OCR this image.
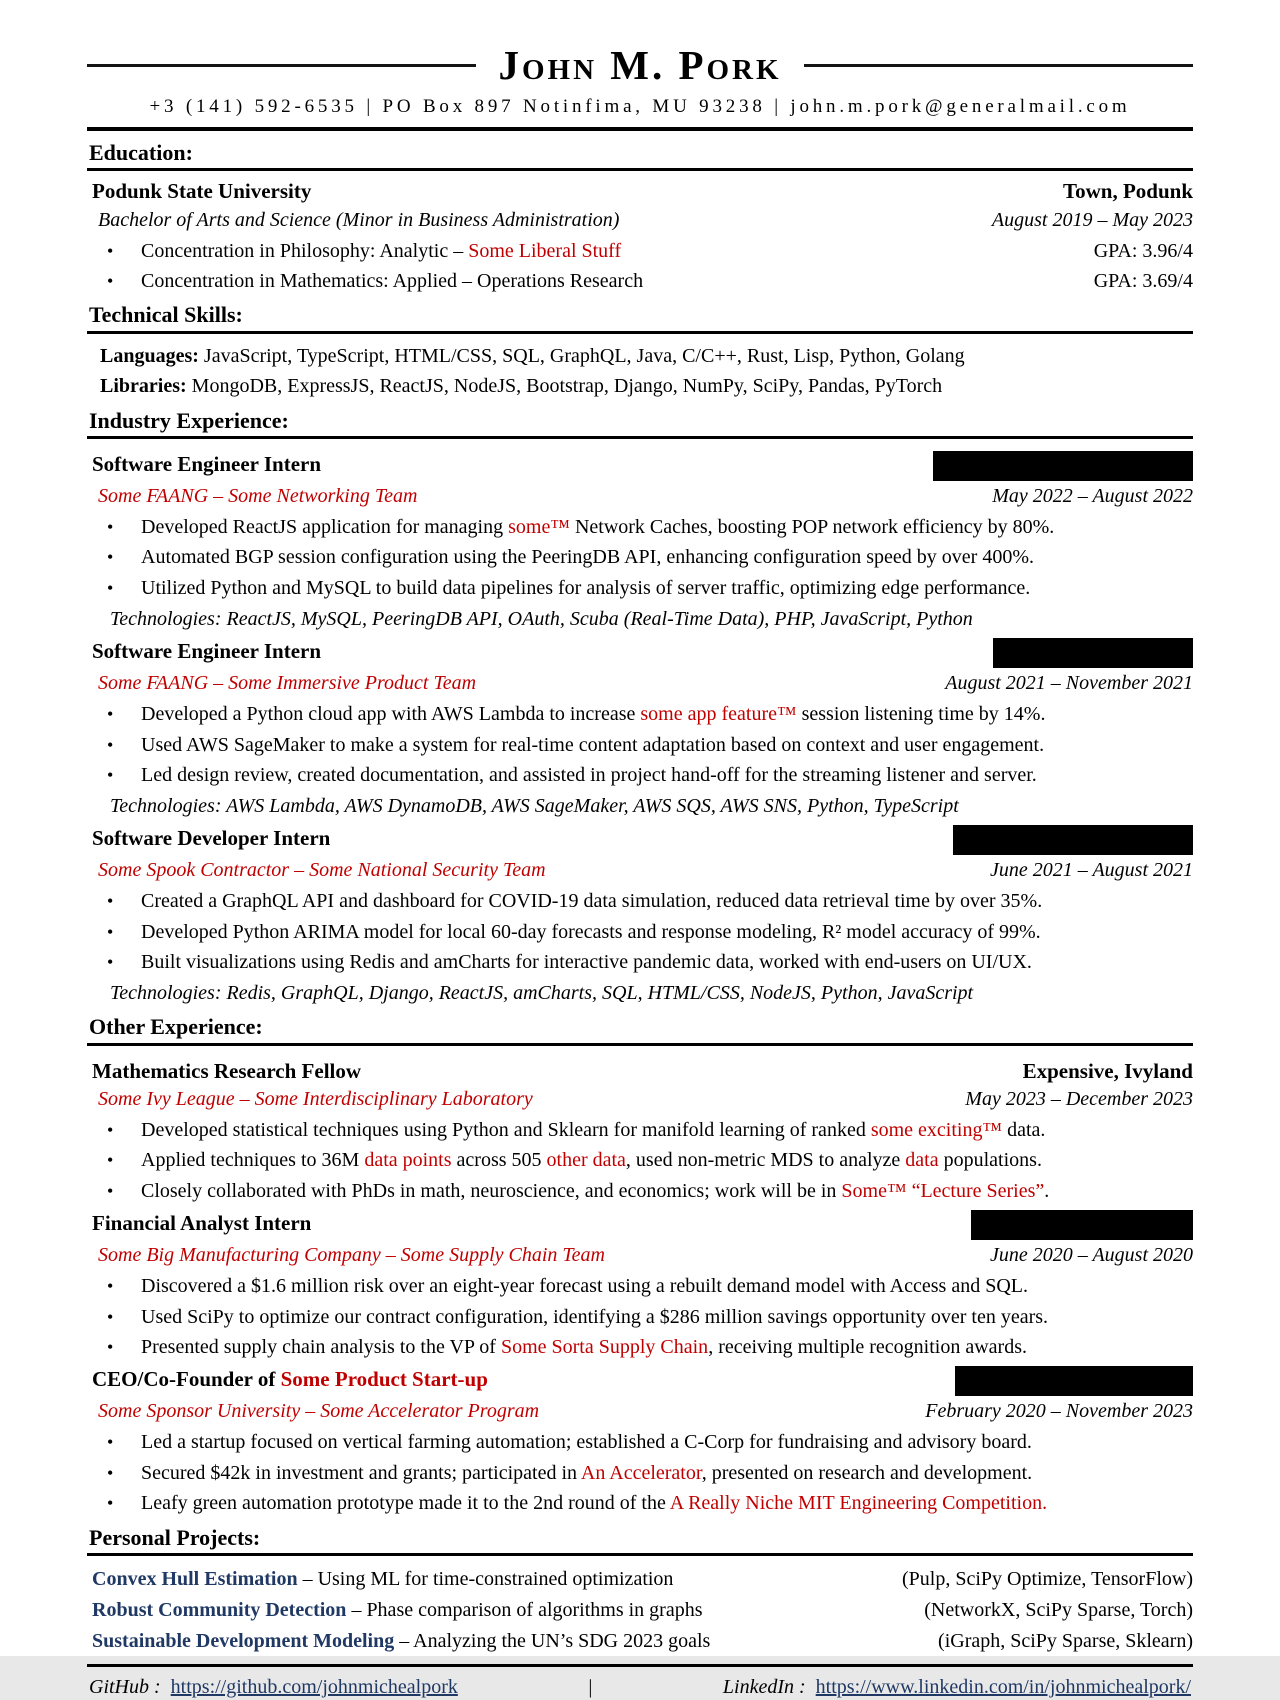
John M. Pork
+3 (141) 592-6535 | PO Box 897 Notinfima, MU 93238 | john.m.pork@generalmail.com
Education:
Podunk State University	Town, Podunk
Bachelor of Arts and Science (Minor in Business Administration)	August 2019 – May 2023
•	Concentration in Philosophy: Analytic – Some Liberal Stuff	GPA: 3.96/4
•	Concentration in Mathematics: Applied – Operations Research	GPA: 3.69/4
Technical Skills:
Languages: JavaScript, TypeScript, HTML/CSS, SQL, GraphQL, Java, C/C++, Rust, Lisp, Python, Golang
Libraries: MongoDB, ExpressJS, ReactJS, NodeJS, Bootstrap, Django, NumPy, SciPy, Pandas, PyTorch
Industry Experience:
Software Engineer Intern
Some FAANG – Some Networking Team	May 2022 – August 2022
•	Developed ReactJS application for managing some™ Network Caches, boosting POP network efficiency by 80%.
•	Automated BGP session configuration using the PeeringDB API, enhancing configuration speed by over 400%.
•	Utilized Python and MySQL to build data pipelines for analysis of server traffic, optimizing edge performance.
Technologies: ReactJS, MySQL, PeeringDB API, OAuth, Scuba (Real-Time Data), PHP, JavaScript, Python
Software Engineer Intern
Some FAANG – Some Immersive Product Team	August 2021 – November 2021
•	Developed a Python cloud app with AWS Lambda to increase some app feature™ session listening time by 14%.
•	Used AWS SageMaker to make a system for real-time content adaptation based on context and user engagement.
•	Led design review, created documentation, and assisted in project hand-off for the streaming listener and server.
Technologies: AWS Lambda, AWS DynamoDB, AWS SageMaker, AWS SQS, AWS SNS, Python, TypeScript
Software Developer Intern
Some Spook Contractor – Some National Security Team	June 2021 – August 2021
•	Created a GraphQL API and dashboard for COVID-19 data simulation, reduced data retrieval time by over 35%.
•	Developed Python ARIMA model for local 60-day forecasts and response modeling, R² model accuracy of 99%.
•	Built visualizations using Redis and amCharts for interactive pandemic data, worked with end-users on UI/UX.
Technologies: Redis, GraphQL, Django, ReactJS, amCharts, SQL, HTML/CSS, NodeJS, Python, JavaScript
Other Experience:
Mathematics Research Fellow	Expensive, Ivyland
Some Ivy League – Some Interdisciplinary Laboratory	May 2023 – December 2023
•	Developed statistical techniques using Python and Sklearn for manifold learning of ranked some exciting™ data.
•	Applied techniques to 36M data points across 505 other data, used non-metric MDS to analyze data populations.
•	Closely collaborated with PhDs in math, neuroscience, and economics; work will be in Some™ “Lecture Series”.
Financial Analyst Intern
Some Big Manufacturing Company – Some Supply Chain Team	June 2020 – August 2020
•	Discovered a $1.6 million risk over an eight-year forecast using a rebuilt demand model with Access and SQL.
•	Used SciPy to optimize our contract configuration, identifying a $286 million savings opportunity over ten years.
•	Presented supply chain analysis to the VP of Some Sorta Supply Chain, receiving multiple recognition awards.
CEO/Co-Founder of Some Product Start-up
Some Sponsor University – Some Accelerator Program	February 2020 – November 2023
•	Led a startup focused on vertical farming automation; established a C-Corp for fundraising and advisory board.
•	Secured $42k in investment and grants; participated in An Accelerator, presented on research and development.
•	Leafy green automation prototype made it to the 2nd round of the A Really Niche MIT Engineering Competition.
Personal Projects:
Convex Hull Estimation – Using ML for time-constrained optimization	(Pulp, SciPy Optimize, TensorFlow)
Robust Community Detection – Phase comparison of algorithms in graphs	(NetworkX, SciPy Sparse, Torch)
Sustainable Development Modeling – Analyzing the UN’s SDG 2023 goals	(iGraph, SciPy Sparse, Sklearn)
GitHub : https://github.com/johnmichealpork	|	LinkedIn : https://www.linkedin.com/in/johnmichealpork/
